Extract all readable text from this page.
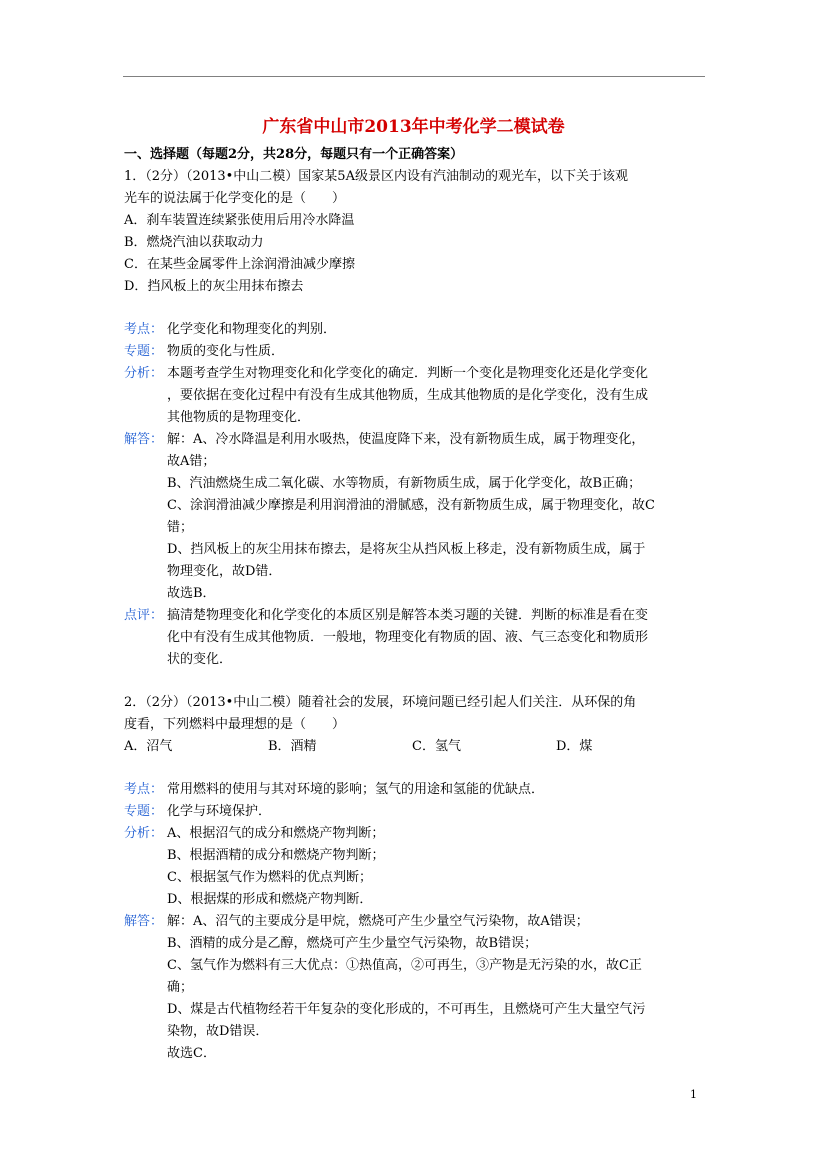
广东省中山市2013年中考化学二模试卷
一、选择题（每题2分，共28分，每题只有一个正确答案）
1．（2分）（2013•中山二模）国家某5A级景区内设有汽油制动的观光车，以下关于该观
光车的说法属于化学变化的是（　　）
A．刹车装置连续紧张使用后用冷水降温
B．燃烧汽油以获取动力
C．在某些金属零件上涂润滑油减少摩擦
D．挡风板上的灰尘用抹布擦去
考点： 化学变化和物理变化的判别．
专题： 物质的变化与性质．
分析： 本题考查学生对物理变化和化学变化的确定．判断一个变化是物理变化还是化学变化
，要依据在变化过程中有没有生成其他物质，生成其他物质的是化学变化，没有生成
其他物质的是物理变化．
解答： 解：A、冷水降温是利用水吸热，使温度降下来，没有新物质生成，属于物理变化，
故A错；
B、汽油燃烧生成二氧化碳、水等物质，有新物质生成，属于化学变化，故B正确；
C、涂润滑油减少摩擦是利用润滑油的滑腻感，没有新物质生成，属于物理变化，故C
错；
D、挡风板上的灰尘用抹布擦去，是将灰尘从挡风板上移走，没有新物质生成，属于
物理变化，故D错．
故选B．
点评： 搞清楚物理变化和化学变化的本质区别是解答本类习题的关键．判断的标准是看在变
化中有没有生成其他物质．一般地，物理变化有物质的固、液、气三态变化和物质形
状的变化．
2．（2分）（2013•中山二模）随着社会的发展，环境问题已经引起人们关注．从环保的角
度看，下列燃料中最理想的是（　　）
A．沼气	B．酒精	C．氢气	D．煤
考点： 常用燃料的使用与其对环境的影响；氢气的用途和氢能的优缺点．
专题： 化学与环境保护．
分析： A、根据沼气的成分和燃烧产物判断；
B、根据酒精的成分和燃烧产物判断；
C、根据氢气作为燃料的优点判断；
D、根据煤的形成和燃烧产物判断．
解答： 解：A、沼气的主要成分是甲烷，燃烧可产生少量空气污染物，故A错误；
B、酒精的成分是乙醇，燃烧可产生少量空气污染物，故B错误；
C、氢气作为燃料有三大优点：①热值高，②可再生，③产物是无污染的水，故C正
确；
D、煤是古代植物经若干年复杂的变化形成的，不可再生，且燃烧可产生大量空气污
染物，故D错误．
故选C．
1
